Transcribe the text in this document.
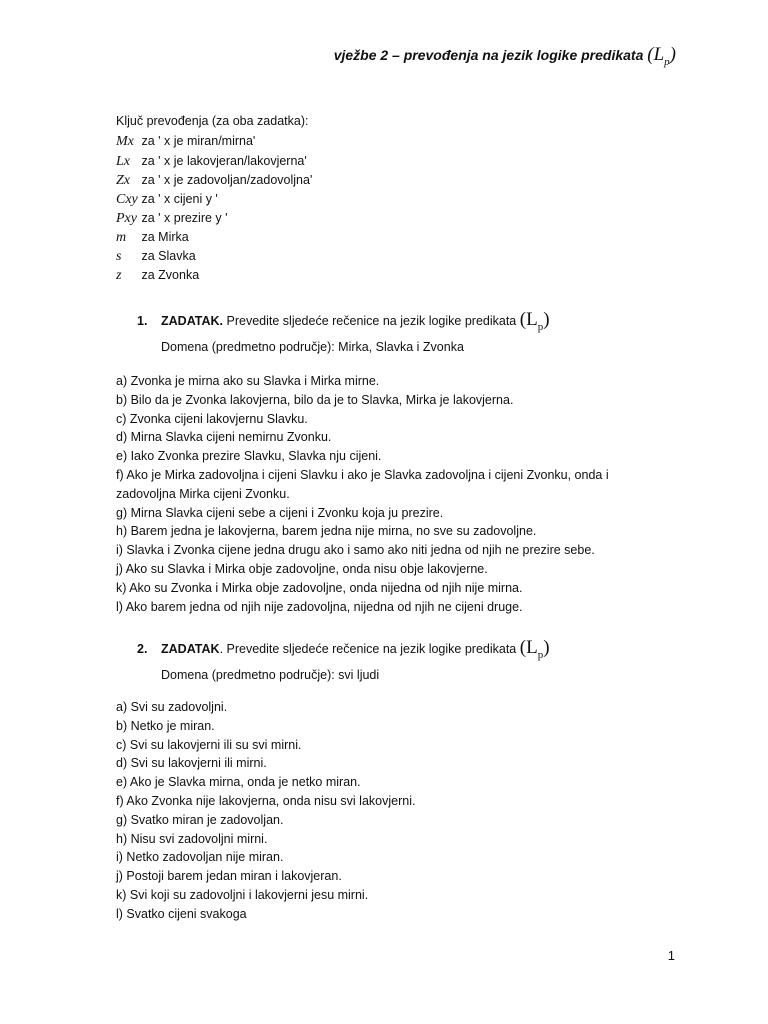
vježbe 2 – prevođenja na jezik logike predikata $(L_p)$
Ključ prevođenja (za oba zadatka):
Mx za ' x je miran/mirna'
Lx za ' x je lakovjeran/lakovjerna'
Zx za ' x je zadovoljan/zadovoljna'
Cxy za ' x cijeni y '
Pxy za ' x prezire y '
m za Mirka
s za Slavka
z za Zvonka
1. ZADATAK. Prevedite sljedeće rečenice na jezik logike predikata $(L_p)$
Domena (predmetno područje): Mirka, Slavka i Zvonka
a) Zvonka je mirna ako su Slavka i Mirka mirne.
b) Bilo da je Zvonka lakovjerna, bilo da je to Slavka, Mirka je lakovjerna.
c) Zvonka cijeni lakovjernu Slavku.
d) Mirna Slavka cijeni nemirnu Zvonku.
e) Iako Zvonka prezire Slavku, Slavka nju cijeni.
f) Ako je Mirka zadovoljna i cijeni Slavku i ako je Slavka zadovoljna i cijeni Zvonku, onda i zadovoljna Mirka cijeni Zvonku.
g) Mirna Slavka cijeni sebe a cijeni i Zvonku koja ju prezire.
h) Barem jedna je lakovjerna, barem jedna nije mirna, no sve su zadovoljne.
i) Slavka i Zvonka cijene jedna drugu ako i samo ako niti jedna od njih ne prezire sebe.
j) Ako su Slavka i Mirka obje zadovoljne, onda nisu obje lakovjerne.
k) Ako su Zvonka i Mirka obje zadovoljne, onda nijedna od njih nije mirna.
l) Ako barem jedna od njih nije zadovoljna, nijedna od njih ne cijeni druge.
2. ZADATAK. Prevedite sljedeće rečenice na jezik logike predikata $(L_p)$
Domena (predmetno područje): svi ljudi
a) Svi su zadovoljni.
b) Netko je miran.
c) Svi su lakovjerni ili su svi mirni.
d) Svi su lakovjerni ili mirni.
e) Ako je Slavka mirna, onda je netko miran.
f) Ako Zvonka nije lakovjerna, onda nisu svi lakovjerni.
g) Svatko miran je zadovoljan.
h) Nisu svi zadovoljni mirni.
i) Netko zadovoljan nije miran.
j) Postoji barem jedan miran i lakovjeran.
k) Svi koji su zadovoljni i lakovjerni jesu mirni.
l) Svatko cijeni svakoga
1
